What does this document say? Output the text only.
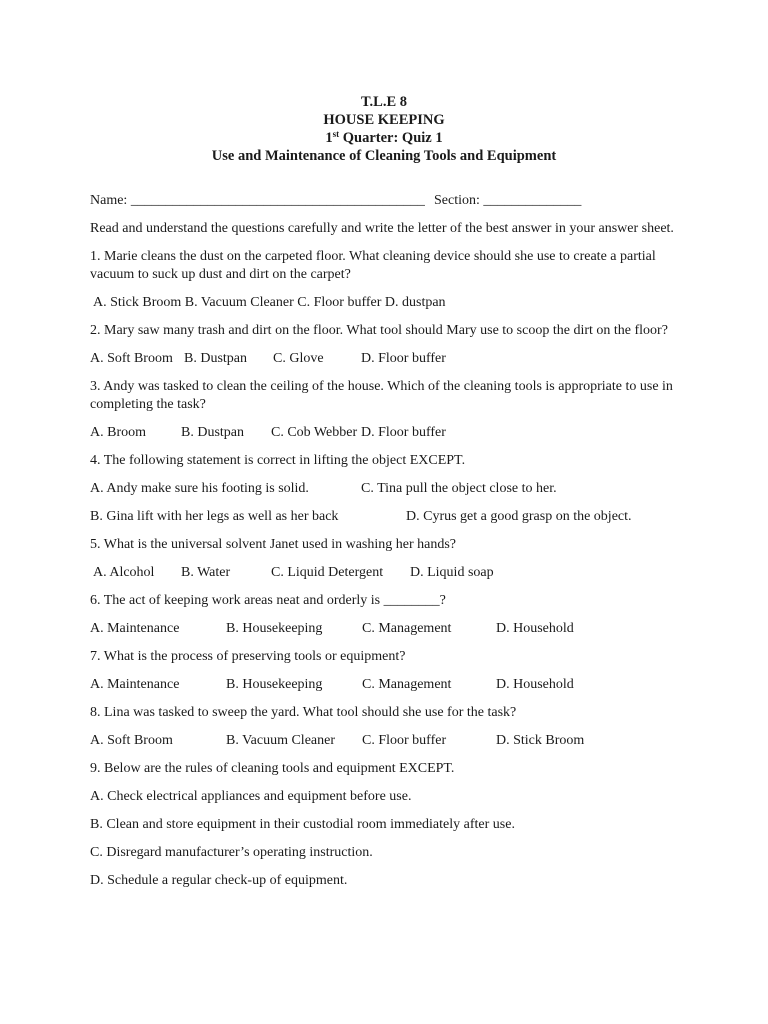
T.L.E 8
HOUSE KEEPING
1st Quarter: Quiz 1
Use and Maintenance of Cleaning Tools and Equipment
Name: __________________________________________ Section: ______________
Read and understand the questions carefully and write the letter of the best answer in your answer sheet.
1. Marie cleans the dust on the carpeted floor. What cleaning device should she use to create a partial
vacuum to suck up dust and dirt on the carpet?
A. Stick Broom B. Vacuum Cleaner C. Floor buffer D. dustpan
2. Mary saw many trash and dirt on the floor. What tool should Mary use to scoop the dirt on the floor?
A. Soft Broom B. Dustpan C. Glove	D. Floor buffer
3. Andy was tasked to clean the ceiling of the house. Which of the cleaning tools is appropriate to use in
completing the task?
A. Broom	B. Dustpan C. Cob Webber D. Floor buffer
4. The following statement is correct in lifting the object EXCEPT.
A. Andy make sure his footing is solid.	C. Tina pull the object close to her.
B. Gina lift with her legs as well as her back	D. Cyrus get a good grasp on the object.
5. What is the universal solvent Janet used in washing her hands?
A. Alcohol B. Water	C. Liquid Detergent D. Liquid soap
6. The act of keeping work areas neat and orderly is ________?
A. Maintenance	B. Housekeeping	C. Management	D. Household
7. What is the process of preserving tools or equipment?
A. Maintenance	B. Housekeeping	C. Management	D. Household
8. Lina was tasked to sweep the yard. What tool should she use for the task?
A. Soft Broom	B. Vacuum Cleaner C. Floor buffer	D. Stick Broom
9. Below are the rules of cleaning tools and equipment EXCEPT.
A. Check electrical appliances and equipment before use.
B. Clean and store equipment in their custodial room immediately after use.
C. Disregard manufacturer’s operating instruction.
D. Schedule a regular check-up of equipment.
